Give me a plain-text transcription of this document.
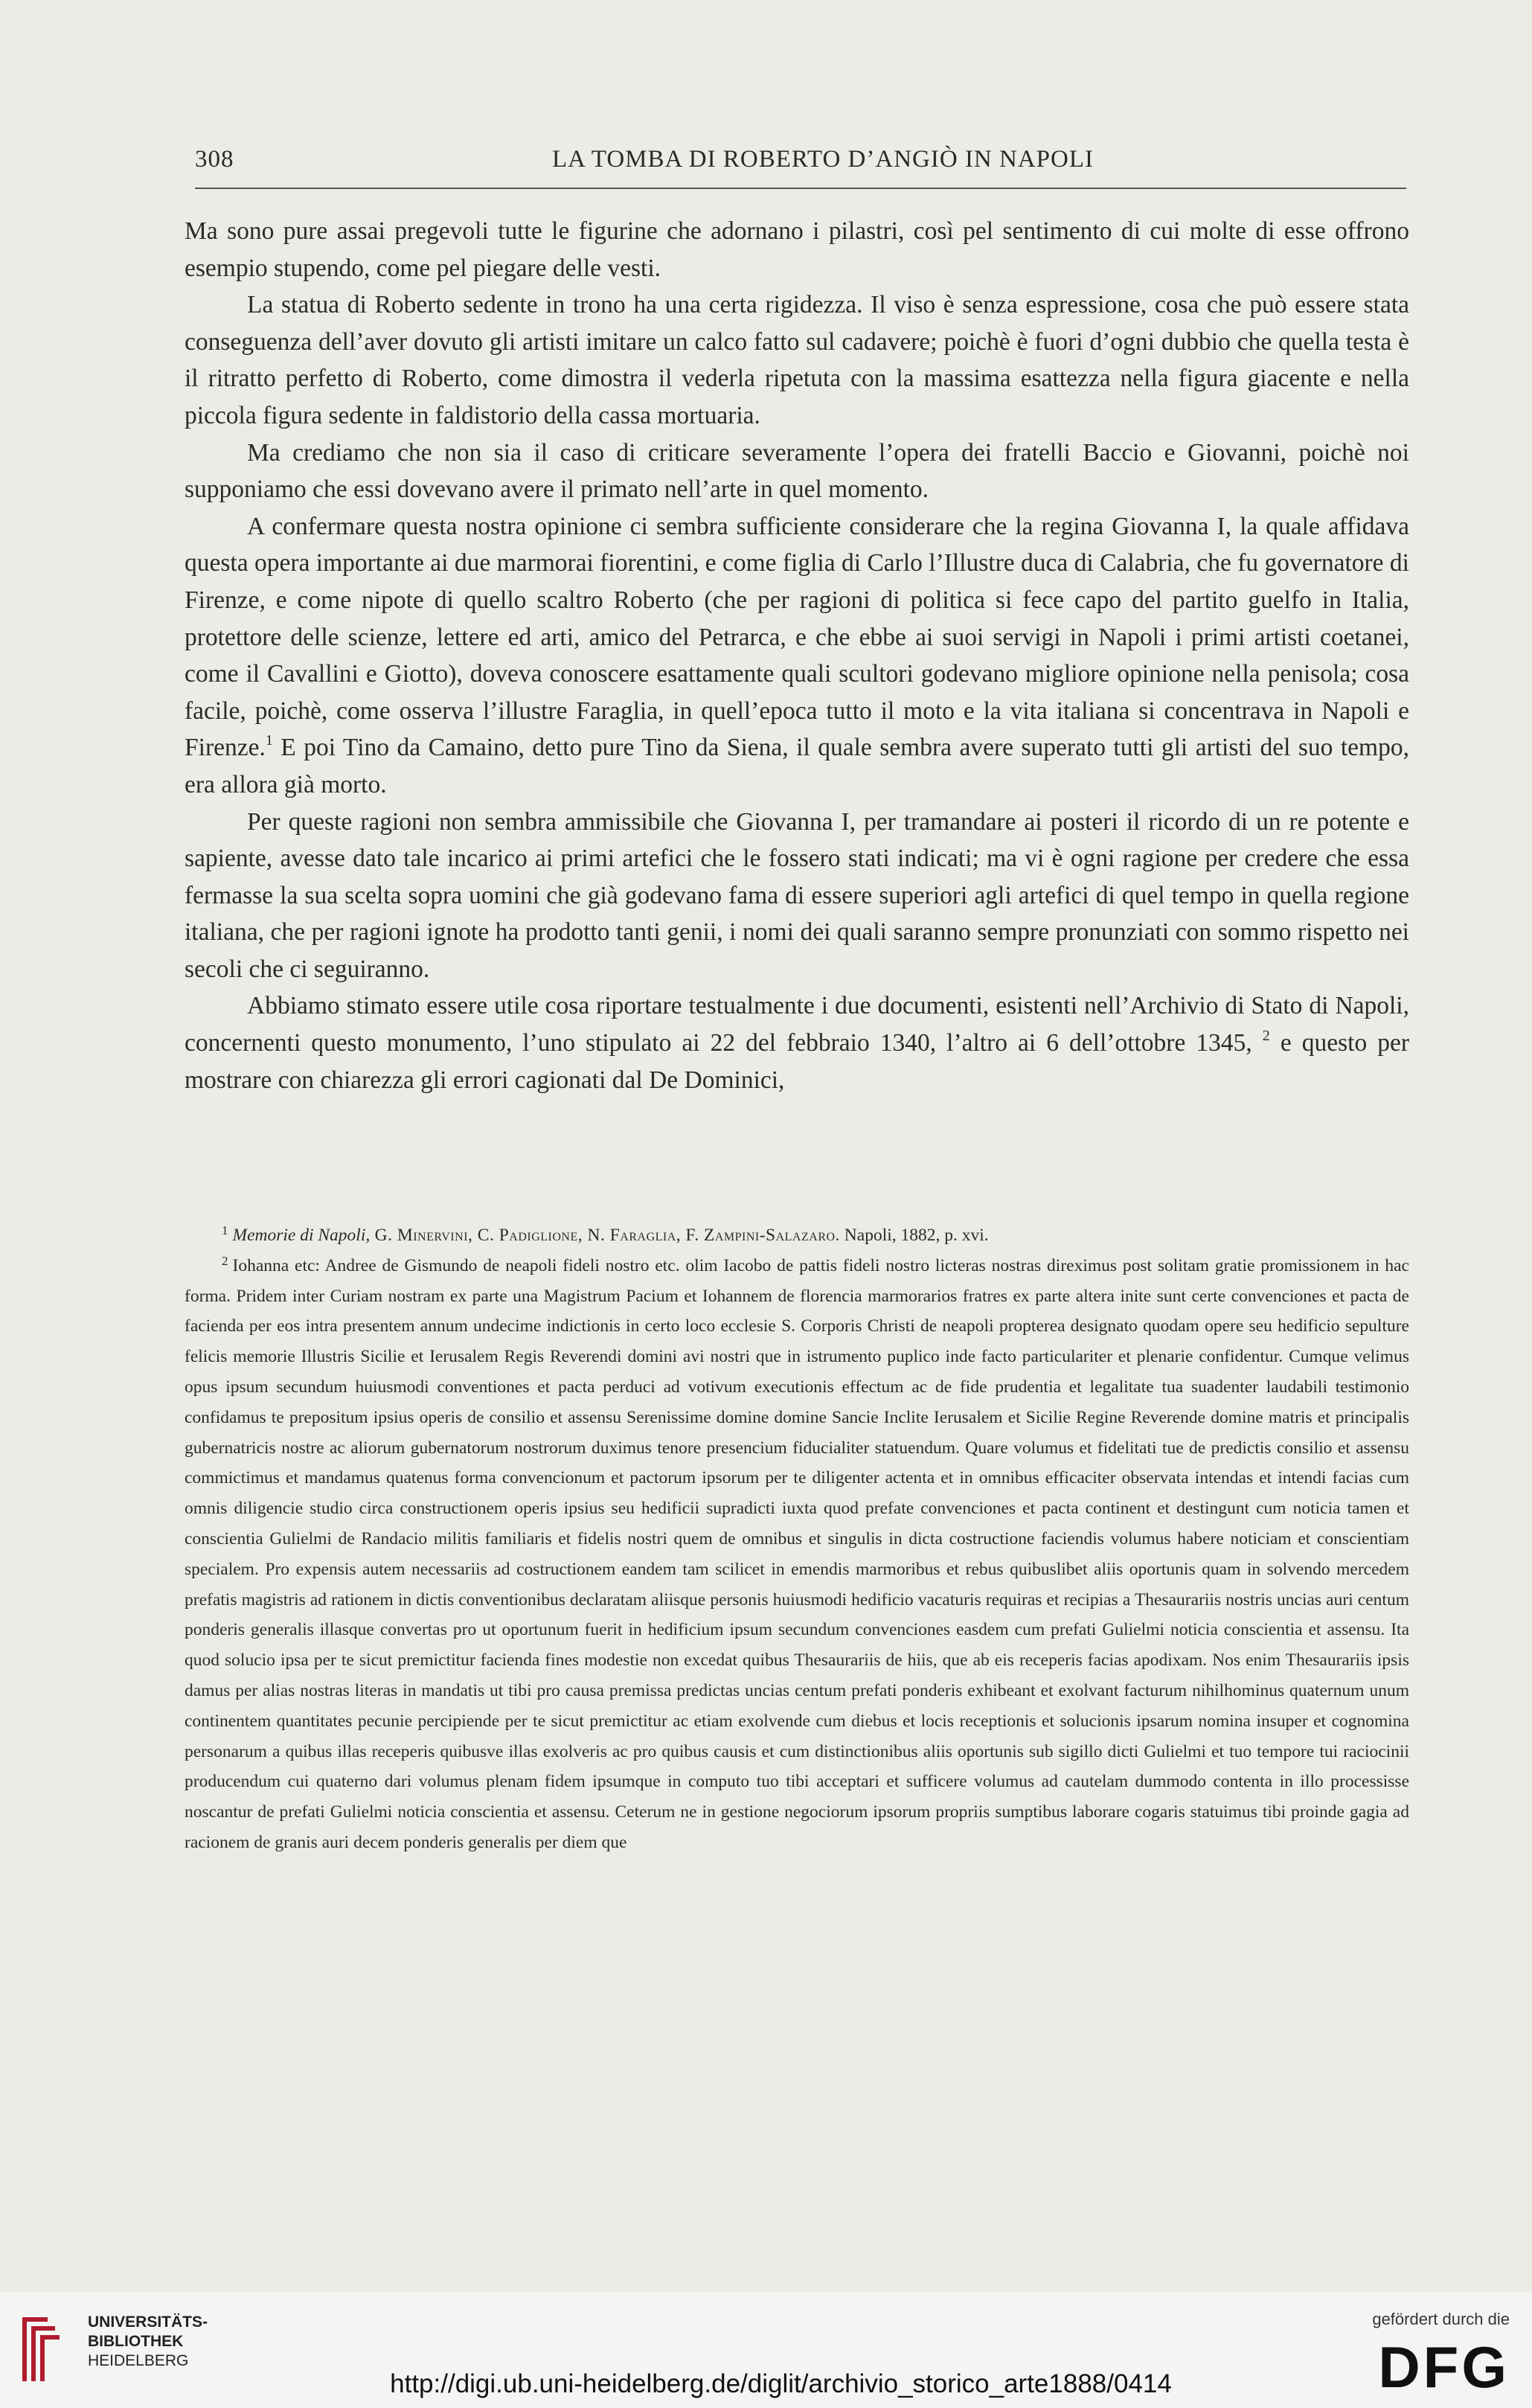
308	LA TOMBA DI ROBERTO D’ANGIÒ IN NAPOLI

Ma sono pure assai pregevoli tutte le figurine che adornano i pilastri, così pel sentimento di cui molte di esse offrono esempio stupendo, come pel piegare delle vesti.

La statua di Roberto sedente in trono ha una certa rigidezza. Il viso è senza espressione, cosa che può essere stata conseguenza dell’aver dovuto gli artisti imitare un calco fatto sul cadavere; poichè è fuori d’ogni dubbio che quella testa è il ritratto perfetto di Roberto, come dimostra il vederla ripetuta con la massima esattezza nella figura giacente e nella piccola figura sedente in faldistorio della cassa mortuaria.

Ma crediamo che non sia il caso di criticare severamente l’opera dei fratelli Baccio e Giovanni, poichè noi supponiamo che essi dovevano avere il primato nell’arte in quel momento.

A confermare questa nostra opinione ci sembra sufficiente considerare che la regina Giovanna I, la quale affidava questa opera importante ai due marmorai fiorentini, e come figlia di Carlo l’Illustre duca di Calabria, che fu governatore di Firenze, e come nipote di quello scaltro Roberto (che per ragioni di politica si fece capo del partito guelfo in Italia, protettore delle scienze, lettere ed arti, amico del Petrarca, e che ebbe ai suoi servigi in Napoli i primi artisti coetanei, come il Cavallini e Giotto), doveva conoscere esattamente quali scultori godevano migliore opinione nella penisola; cosa facile, poichè, come osserva l’illustre Faraglia, in quell’epoca tutto il moto e la vita italiana si concentrava in Napoli e Firenze.$^1$ E poi Tino da Camaino, detto pure Tino da Siena, il quale sembra avere superato tutti gli artisti del suo tempo, era allora già morto.

Per queste ragioni non sembra ammissibile che Giovanna I, per tramandare ai posteri il ricordo di un re potente e sapiente, avesse dato tale incarico ai primi artefici che le fossero stati indicati; ma vi è ogni ragione per credere che essa fermasse la sua scelta sopra uomini che già godevano fama di essere superiori agli artefici di quel tempo in quella regione italiana, che per ragioni ignote ha prodotto tanti genii, i nomi dei quali saranno sempre pronunziati con sommo rispetto nei secoli che ci seguiranno.

Abbiamo stimato essere utile cosa riportare testualmente i due documenti, esistenti nell’Archivio di Stato di Napoli, concernenti questo monumento, l’uno stipulato ai 22 del febbraio 1340, l’altro ai 6 dell’ottobre 1345, $^2$ e questo per mostrare con chiarezza gli errori cagionati dal De Dominici,

$^1$ Memorie di Napoli, G. Minervini, C. Padiglione, N. Faraglia, F. Zampini-Salazaro. Napoli, 1882, p. xvi.

$^2$ Iohanna etc: Andree de Gismundo de neapoli fideli nostro etc. olim Iacobo de pattis fideli nostro licteras nostras direximus post solitam gratie promissionem in hac forma. Pridem inter Curiam nostram ex parte una Magistrum Pacium et Iohannem de florencia marmorarios fratres ex parte altera inite sunt certe convenciones et pacta de facienda per eos intra presentem annum undecime indictionis in certo loco ecclesie S. Corporis Christi de neapoli propterea designato quodam opere seu hedificio sepulture felicis memorie Illustris Sicilie et Ierusalem Regis Reverendi domini avi nostri que in istrumento puplico inde facto particulariter et plenarie confidentur. Cumque velimus opus ipsum secundum huiusmodi conventiones et pacta perduci ad votivum executionis effectum ac de fide prudentia et legalitate tua suadenter laudabili testimonio confidamus te prepositum ipsius operis de consilio et assensu Serenissime domine domine Sancie Inclite Ierusalem et Sicilie Regine Reverende domine matris et principalis gubernatricis nostre ac aliorum gubernatorum nostrorum duximus tenore presencium fiducialiter statuendum. Quare volumus et fidelitati tue de predictis consilio et assensu commictimus et mandamus quatenus forma convencionum et pactorum ipsorum per te diligenter actenta et in omnibus efficaciter observata intendas et intendi facias cum omnis diligencie studio circa constructionem operis ipsius seu hedificii supradicti iuxta quod prefate convenciones et pacta continent et destingunt cum noticia tamen et conscientia Gulielmi de Randacio militis familiaris et fidelis nostri quem de omnibus et singulis in dicta costructione faciendis volumus habere noticiam et conscientiam specialem. Pro expensis autem necessariis ad costructionem eandem tam scilicet in emendis marmoribus et rebus quibuslibet aliis oportunis quam in solvendo mercedem prefatis magistris ad rationem in dictis conventionibus declaratam aliisque personis huiusmodi hedificio vacaturis requiras et recipias a Thesaurariis nostris uncias auri centum ponderis generalis illasque convertas pro ut oportunum fuerit in hedificium ipsum secundum convenciones easdem cum prefati Gulielmi noticia conscientia et assensu. Ita quod solucio ipsa per te sicut premictitur facienda fines modestie non excedat quibus Thesaurariis de hiis, que ab eis receperis facias apodixam. Nos enim Thesaurariis ipsis damus per alias nostras literas in mandatis ut tibi pro causa premissa predictas uncias centum prefati ponderis exhibeant et exolvant facturum nihilhominus quaternum unum continentem quantitates pecunie percipiende per te sicut premictitur ac etiam exolvende cum diebus et locis receptionis et solucionis ipsarum nomina insuper et cognomina personarum a quibus illas receperis quibusve illas exolveris ac pro quibus causis et cum distinctionibus aliis oportunis sub sigillo dicti Gulielmi et tuo tempore tui raciocinii producendum cui quaterno dari volumus plenam fidem ipsumque in computo tuo tibi acceptari et sufficere volumus ad cautelam dummodo contenta in illo processisse noscantur de prefati Gulielmi noticia conscientia et assensu. Ceterum ne in gestione negociorum ipsorum propriis sumptibus laborare cogaris statuimus tibi proinde gagia ad racionem de granis auri decem ponderis generalis per diem que

UNIVERSITÄTS-
BIBLIOTHEK
HEIDELBERG
http://digi.ub.uni-heidelberg.de/diglit/archivio_storico_arte1888/0414
gefördert durch die
DFG
